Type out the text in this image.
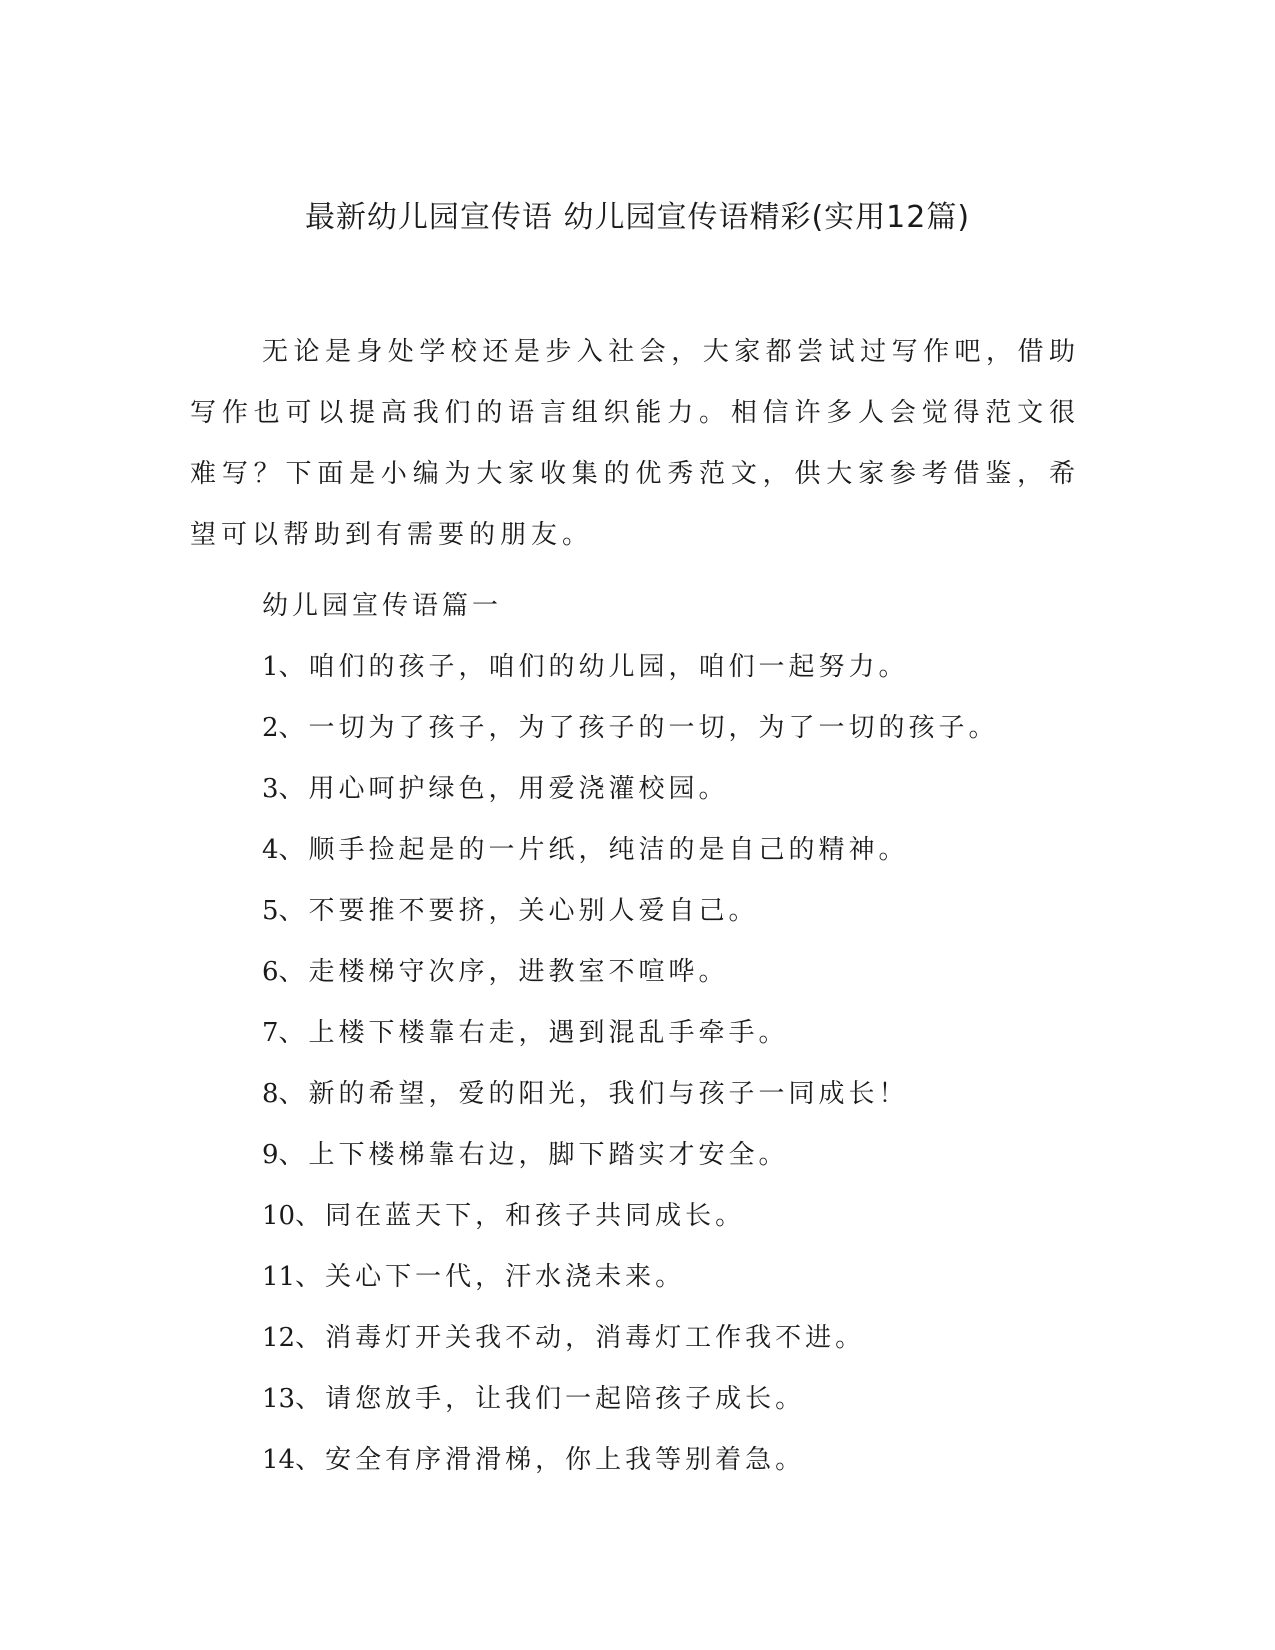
最新幼儿园宣传语 幼儿园宣传语精彩(实用12篇)

无论是身处学校还是步入社会，大家都尝试过写作吧，借助写作也可以提高我们的语言组织能力。相信许多人会觉得范文很难写？下面是小编为大家收集的优秀范文，供大家参考借鉴，希望可以帮助到有需要的朋友。

幼儿园宣传语篇一

1、咱们的孩子，咱们的幼儿园，咱们一起努力。
2、一切为了孩子，为了孩子的一切，为了一切的孩子。
3、用心呵护绿色，用爱浇灌校园。
4、顺手捡起是的一片纸，纯洁的是自己的精神。
5、不要推不要挤，关心别人爱自己。
6、走楼梯守次序，进教室不喧哗。
7、上楼下楼靠右走，遇到混乱手牵手。
8、新的希望，爱的阳光，我们与孩子一同成长！
9、上下楼梯靠右边，脚下踏实才安全。
10、同在蓝天下，和孩子共同成长。
11、关心下一代，汗水浇未来。
12、消毒灯开关我不动，消毒灯工作我不进。
13、请您放手，让我们一起陪孩子成长。
14、安全有序滑滑梯，你上我等别着急。
